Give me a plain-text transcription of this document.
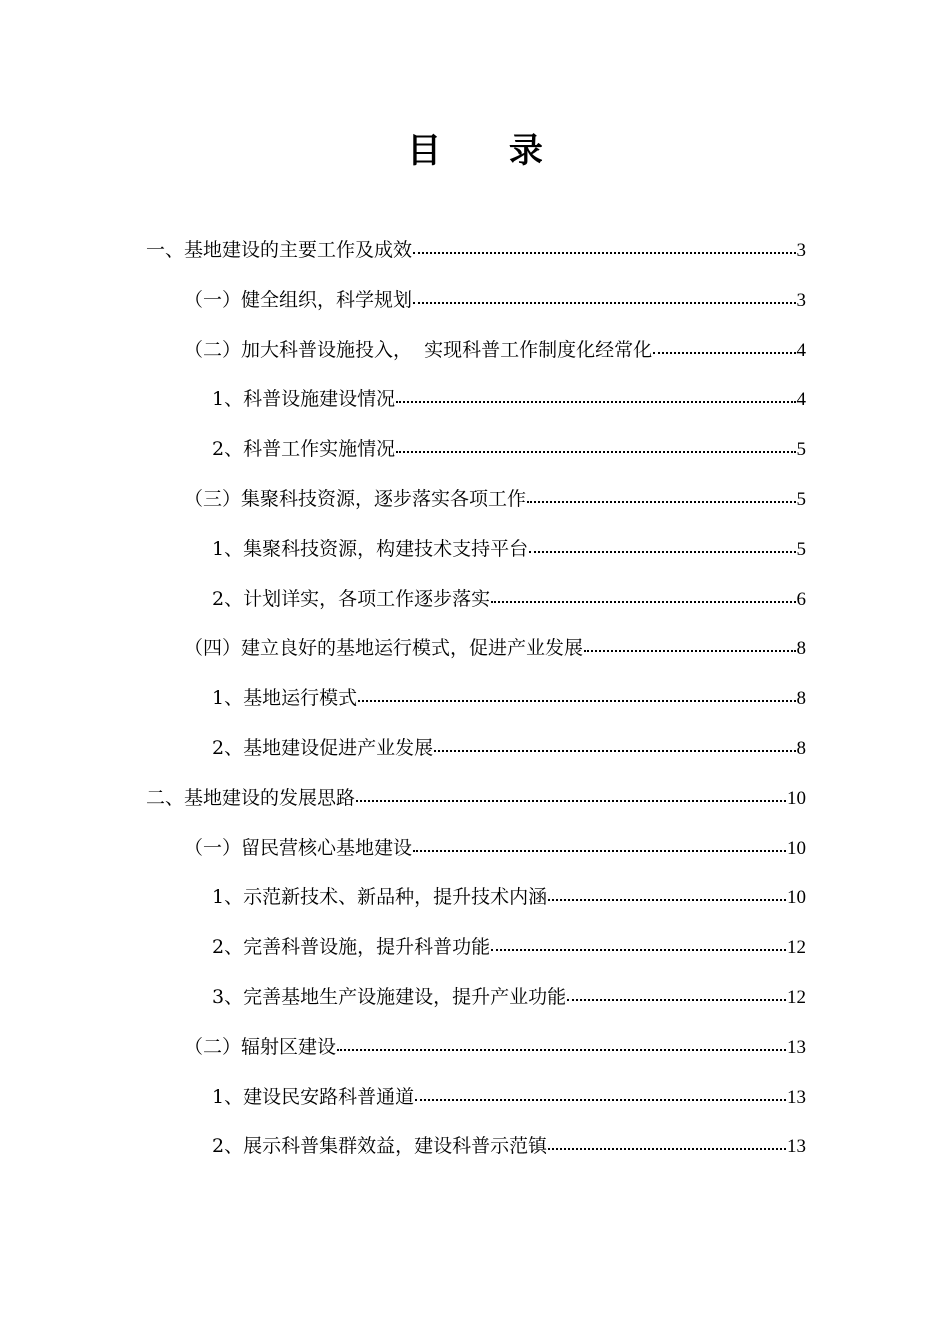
目 录
一、基地建设的主要工作及成效	3
（一）健全组织，科学规划	3
（二）加大科普设施投入，  实现科普工作制度化经常化	4
1、科普设施建设情况	4
2、科普工作实施情况	5
（三）集聚科技资源，逐步落实各项工作	5
1、集聚科技资源，构建技术支持平台	5
2、计划详实，各项工作逐步落实	6
（四）建立良好的基地运行模式，促进产业发展	8
1、基地运行模式	8
2、基地建设促进产业发展	8
二、基地建设的发展思路	10
（一）留民营核心基地建设	10
1、示范新技术、新品种，提升技术内涵	10
2、完善科普设施，提升科普功能	12
3、完善基地生产设施建设，提升产业功能	12
（二）辐射区建设	13
1、建设民安路科普通道	13
2、展示科普集群效益，建设科普示范镇	13
